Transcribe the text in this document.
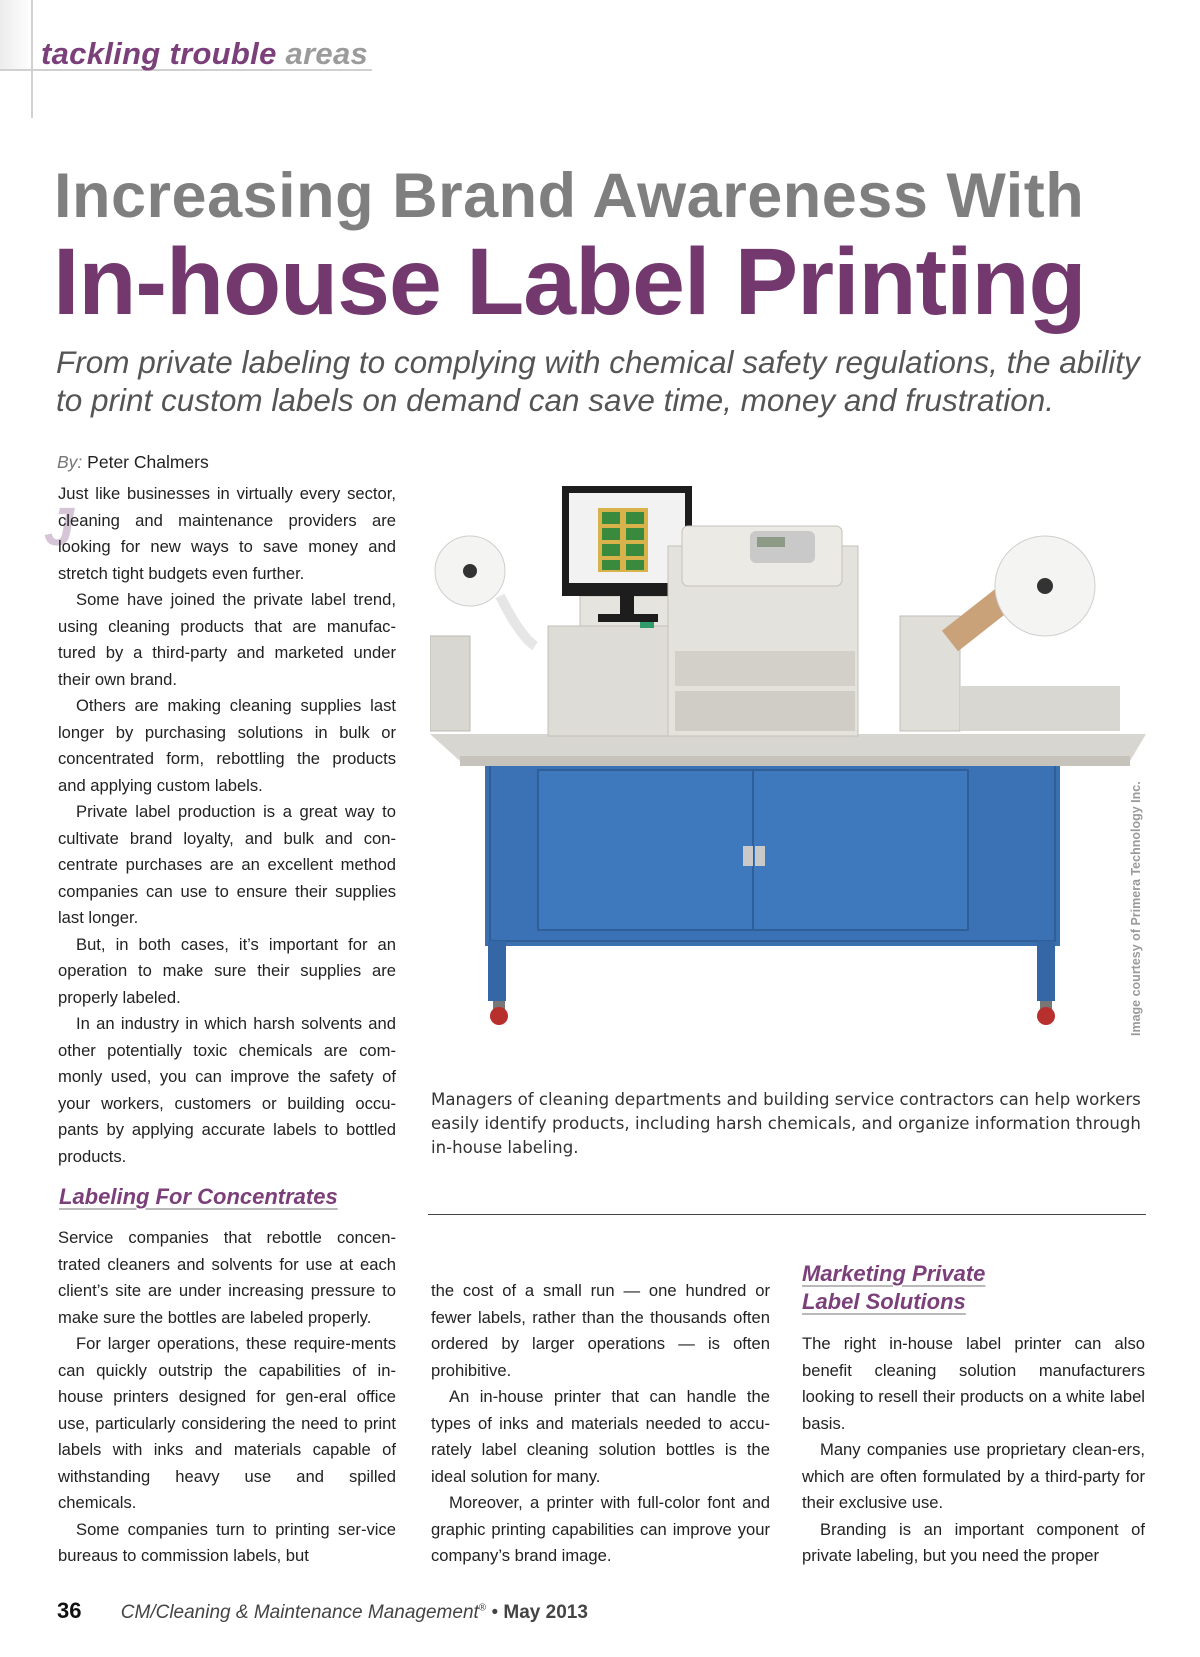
tackling trouble areas
Increasing Brand Awareness With
In-house Label Printing
From private labeling to complying with chemical safety regulations, the ability to print custom labels on demand can save time, money and frustration.
By: Peter Chalmers
J

Just like businesses in virtually every sector, cleaning and maintenance providers are looking for new ways to save money and stretch tight budgets even further.

Some have joined the private label trend, using cleaning products that are manufac-tured by a third-party and marketed under their own brand.

Others are making cleaning supplies last longer by purchasing solutions in bulk or concentrated form, rebottling the products and applying custom labels.

Private label production is a great way to cultivate brand loyalty, and bulk and con-centrate purchases are an excellent method companies can use to ensure their supplies last longer.

But, in both cases, it’s important for an operation to make sure their supplies are properly labeled.

In an industry in which harsh solvents and other potentially toxic chemicals are com-monly used, you can improve the safety of your workers, customers or building occu-pants by applying accurate labels to bottled products.

Labeling For Concentrates

Service companies that rebottle concen-trated cleaners and solvents for use at each client’s site are under increasing pressure to make sure the bottles are labeled properly.

For larger operations, these require-ments can quickly outstrip the capabilities of in-house printers designed for gen-eral office use, particularly considering the need to print labels with inks and materials capable of withstanding heavy use and spilled chemicals.

Some companies turn to printing ser-vice bureaus to commission labels, but

the cost of a small run — one hundred or fewer labels, rather than the thousands often ordered by larger operations — is often prohibitive.

An in-house printer that can handle the types of inks and materials needed to accu-rately label cleaning solution bottles is the ideal solution for many.

Moreover, a printer with full-color font and graphic printing capabilities can improve your company’s brand image.

Marketing Private
Label Solutions

The right in-house label printer can also benefit cleaning solution manufacturers looking to resell their products on a white label basis.

Many companies use proprietary clean-ers, which are often formulated by a third-party for their exclusive use.

Branding is an important component of private labeling, but you need the proper

Image courtesy of Primera Technology Inc.
Managers of cleaning departments and building service contractors can help workers easily identify products, including harsh chemicals, and organize information through in-house labeling.
36 CM/Cleaning & Maintenance Management® • May 2013
